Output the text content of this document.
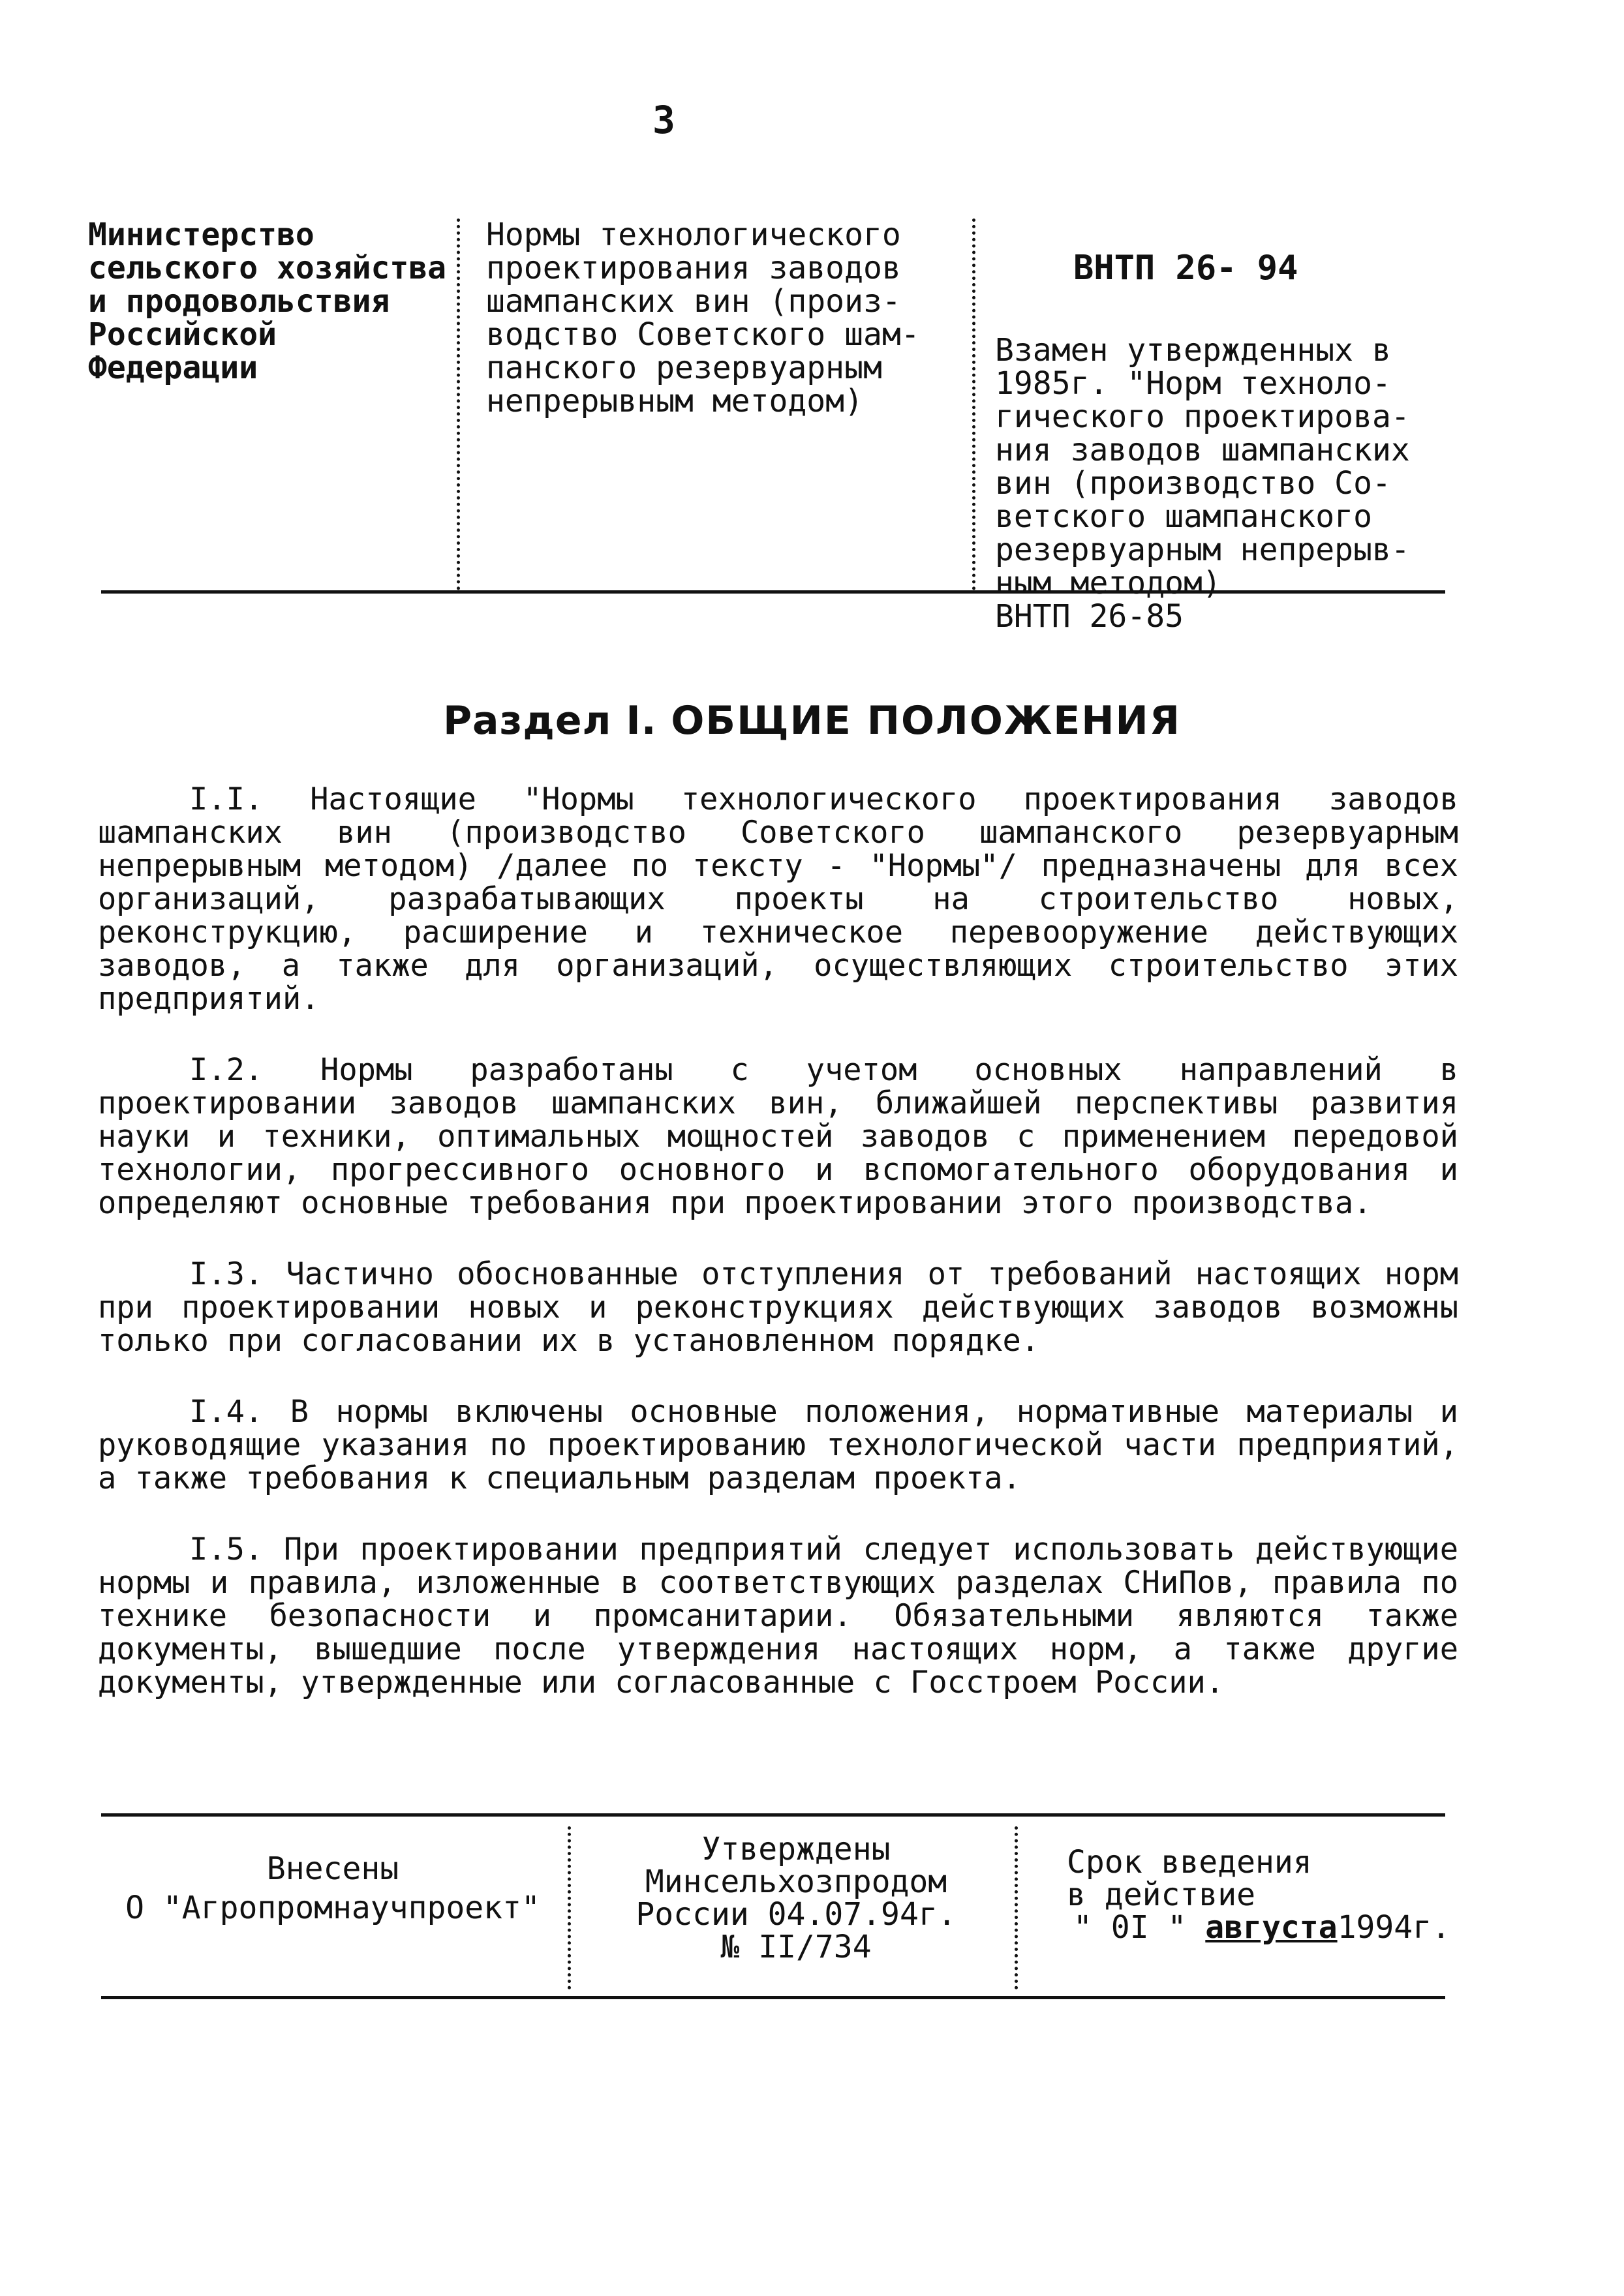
3
Министерство
сельского хозяйства
и продовольствия
Российской
Федерации
Нормы технологического
проектирования заводов
шампанских вин (произ-
водство Советского шам-
панского резервуарным
непрерывным методом)

ВНТП 26- 94

Взамен утвержденных в
1985г. "Норм техноло-
гического проектирова-
ния заводов шампанских
вин (производство Со-
ветского шампанского
резервуарным непрерыв-
ным методом)
ВНТП 26-85

Раздел I. ОБЩИЕ ПОЛОЖЕНИЯ

I.I. Настоящие "Нормы технологического проектирования заводов шампанских вин (производство Советского шампанского резервуарным непрерывным методом) /далее по тексту - "Нормы"/ предназначены для всех организаций, разрабатывающих проекты на строительство новых, реконструкцию, расширение и техническое перевооружение действующих заводов, а также для организаций, осуществляющих строительство этих предприятий.

I.2. Нормы разработаны с учетом основных направлений в проектировании заводов шампанских вин, ближайшей перспективы развития науки и техники, оптимальных мощностей заводов с применением передовой технологии, прогрессивного основного и вспомогательного оборудования и определяют основные требования при проектировании этого производства.

I.3. Частично обоснованные отступления от требований настоящих норм при проектировании новых и реконструкциях действующих заводов возможны только при согласовании их в установленном порядке.

I.4. В нормы включены основные положения, нормативные материалы и руководящие указания по проектированию технологической части предприятий, а также требования к специальным разделам проекта.

I.5. При проектировании предприятий следует использовать действующие нормы и правила, изложенные в соответствующих разделах СНиПов, правила по технике безопасности и промсанитарии. Обязательными являются также документы, вышедшие после утверждения настоящих норм, а также другие документы, утвержденные или согласованные с Госстроем России.

Внесены
О "Агропромнаучпроект"
Утверждены
Минсельхозпродом
России 04.07.94г.
№ II/734
Срок введения
в действие
" 0I " августа1994г.
